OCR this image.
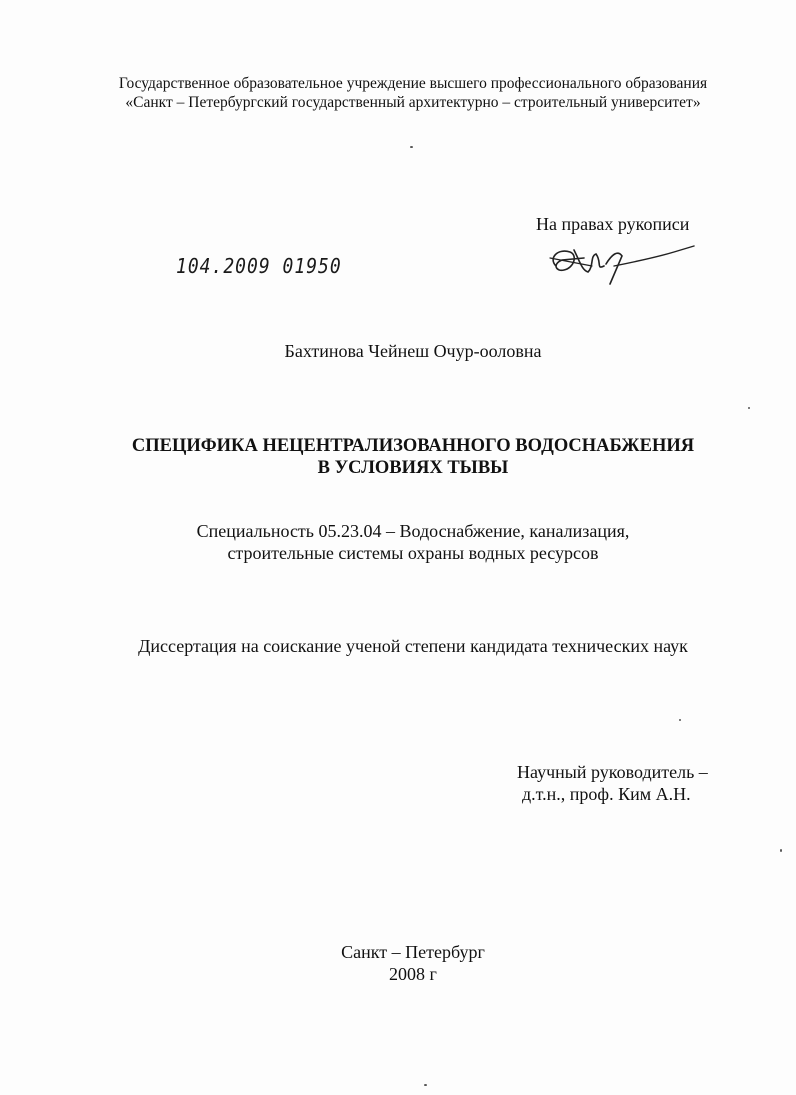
Государственное образовательное учреждение высшего профессионального образования
«Санкт – Петербургский государственный архитектурно – строительный университет»
На правах рукописи
104.2009 01950
Бахтинова Чейнеш Очур-ооловна
СПЕЦИФИКА НЕЦЕНТРАЛИЗОВАННОГО ВОДОСНАБЖЕНИЯ
В УСЛОВИЯХ ТЫВЫ
Специальность 05.23.04 – Водоснабжение, канализация,
строительные системы охраны водных ресурсов
Диссертация на соискание ученой степени кандидата технических наук
Научный руководитель –
д.т.н., проф. Ким А.Н.
Санкт – Петербург
2008 г
